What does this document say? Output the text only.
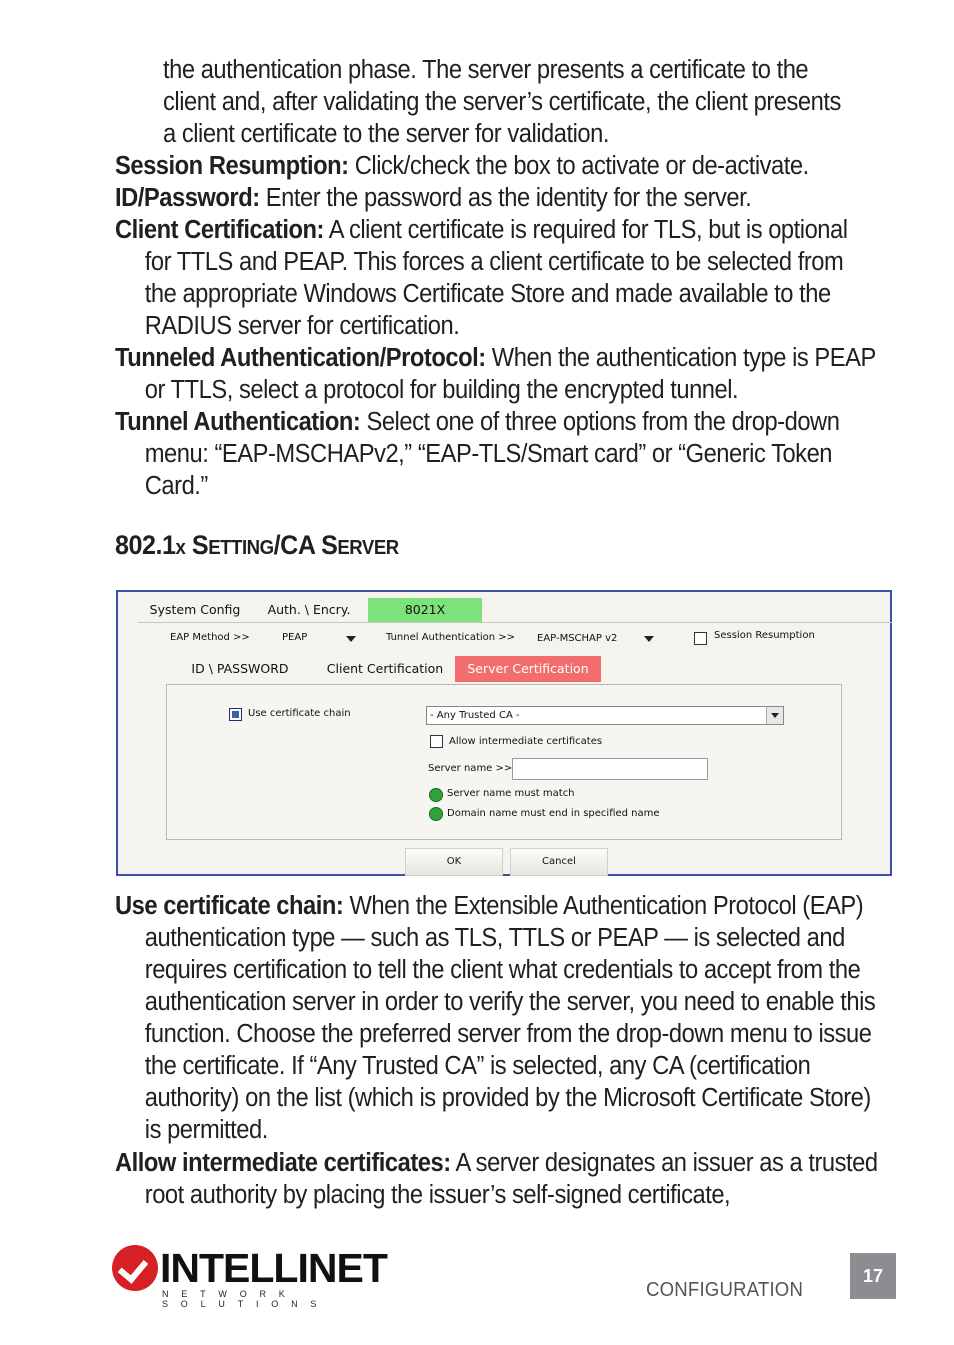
the authentication phase. The server presents a certificate to the
client and, after validating the server’s certificate, the client presents
a client certificate to the server for validation.
Session Resumption: Click/check the box to activate or de-activate.
ID/Password: Enter the password as the identity for the server.
Client Certification: A client certificate is required for TLS, but is optional for TTLS and PEAP. This forces a client certificate to be selected from the appropriate Windows Certificate Store and made available to the RADIUS server for certification.
Tunneled Authentication/Protocol: When the authentication type is PEAP or TTLS, select a protocol for building the encrypted tunnel.
Tunnel Authentication: Select one of three options from the drop-down menu: “EAP-MSCHAPv2,” “EAP-TLS/Smart card” or “Generic Token Card.”
802.1x SETTING/CA SERVER
System Config	Auth. \ Encry.	8021X
EAP Method >>	PEAP	Tunnel Authentication >> EAP-MSCHAP v2	Session Resumption
ID \ PASSWORD	Client Certification	Server Certification
Use certificate chain	- Any Trusted CA -
Allow intermediate certificates
Server name >>
Server name must match
Domain name must end in specified name
OK	Cancel
Use certificate chain: When the Extensible Authentication Protocol (EAP) authentication type — such as TLS, TTLS or PEAP — is selected and requires certification to tell the client what credentials to accept from the authentication server in order to verify the server, you need to enable this function. Choose the preferred server from the drop-down menu to issue the certificate. If “Any Trusted CA” is selected, any CA (certification authority) on the list (which is provided by the Microsoft Certificate Store) is permitted.
Allow intermediate certificates: A server designates an issuer as a trusted root authority by placing the issuer’s self-signed certificate,
INTELLINET
NETWORK SOLUTIONS
CONFIGURATION
17
